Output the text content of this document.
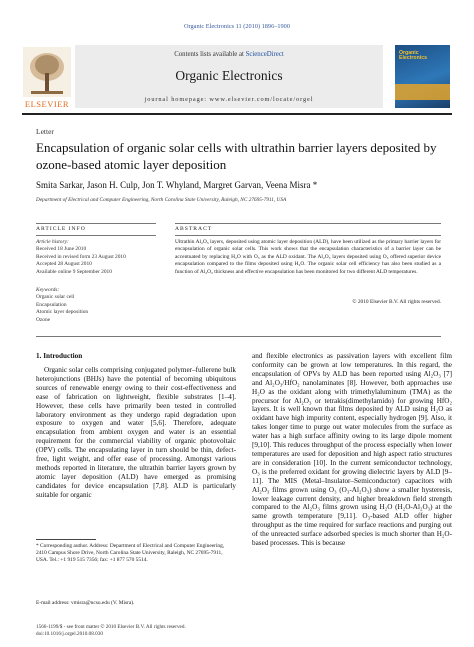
Organic Electronics 11 (2010) 1896–1900
ELSEVIER
Contents lists available at ScienceDirect
Organic Electronics
journal homepage: www.elsevier.com/locate/orgel
Organic Electronics
Letter
Encapsulation of organic solar cells with ultrathin barrier layers deposited by ozone-based atomic layer deposition
Smita Sarkar, Jason H. Culp, Jon T. Whyland, Margret Garvan, Veena Misra *
Department of Electrical and Computer Engineering, North Carolina State University, Raleigh, NC 27695-7911, USA
ARTICLE INFO	ABSTRACT
Article history:
Received 18 June 2010
Received in revised form 23 August 2010
Accepted 28 August 2010
Available online 9 September 2010
Keywords:
Organic solar cell
Encapsulation
Atomic layer deposition
Ozone
Ultrathin Al₂O₃ layers, deposited using atomic layer deposition (ALD), have been utilized as the primary barrier layers for encapsulation of organic solar cells. This work shows that the encapsulation characteristics of a barrier layer can be accentuated by replacing H₂O with O₃ as the ALD oxidant. The Al₂O₃ layers deposited using O₃ offered superior device encapsulation compared to the films deposited using H₂O. The organic solar cell efficiency has also been studied as a function of Al₂O₃ thickness and effective encapsulation has been monitored for two different ALD temperatures.
© 2010 Elsevier B.V. All rights reserved.
1. Introduction

Organic solar cells comprising conjugated polymer–fullerene bulk heterojunctions (BHJs) have the potential of becoming ubiquitous sources of renewable energy owing to their cost-effectiveness and ease of fabrication on lightweight, flexible substrates [1–4]. However, these cells have primarily been tested in controlled laboratory environment as they undergo rapid degradation upon exposure to oxygen and water [5,6]. Therefore, adequate encapsulation from ambient oxygen and water is an essential requirement for the commercial viability of organic photovoltaic (OPV) cells. The encapsulating layer in turn should be thin, defect-free, light weight, and offer ease of processing. Amongst various methods reported in literature, the ultrathin barrier layers grown by atomic layer deposition (ALD) have emerged as promising candidates for device encapsulation [7,8]. ALD is particularly suitable for organic

and flexible electronics as passivation layers with excellent film conformity can be grown at low temperatures. In this regard, the encapsulation of OPVs by ALD has been reported using Al₂O₃ [7] and Al₂O₃/HfO₂ nanolaminates [8]. However, both approaches use H₂O as the oxidant along with trimethylaluminum (TMA) as the precursor for Al₂O₃ or tetrakis(dimethylamido) for growing HfO₂ layers. It is well known that films deposited by ALD using H₂O as oxidant have high impurity content, especially hydrogen [9]. Also, it takes longer time to purge out water molecules from the surface as water has a high surface affinity owing to its large dipole moment [9,10]. This reduces throughput of the process especially when lower temperatures are used for deposition and high aspect ratio structures are in consideration [10]. In the current semiconductor technology, O₃ is the preferred oxidant for growing dielectric layers by ALD [9–11]. The MIS (Metal–Insulator–Semiconductor) capacitors with Al₂O₃ films grown using O₃ (O₃-Al₂O₃) show a smaller hysteresis, lower leakage current density, and higher breakdown field strength compared to the Al₂O₃ films grown using H₂O (H₂O-Al₂O₃) at the same growth temperature [9,11]. O₃-based ALD offer higher throughput as the time required for surface reactions and purging out of the unreacted surface adsorbed species is much shorter than H₂O-based processes. This is because

* Corresponding author. Address: Department of Electrical and Computer Engineering, 2410 Campus Shore Drive, North Carolina State University, Raleigh, NC 27695-7911, USA. Tel.: +1 919 515 7356; fax: +1 877 570 5514.
E-mail address: vmisra@ncsu.edu (V. Misra).
1566-1199/$ - see front matter © 2010 Elsevier B.V. All rights reserved.
doi:10.1016/j.orgel.2010.08.030
